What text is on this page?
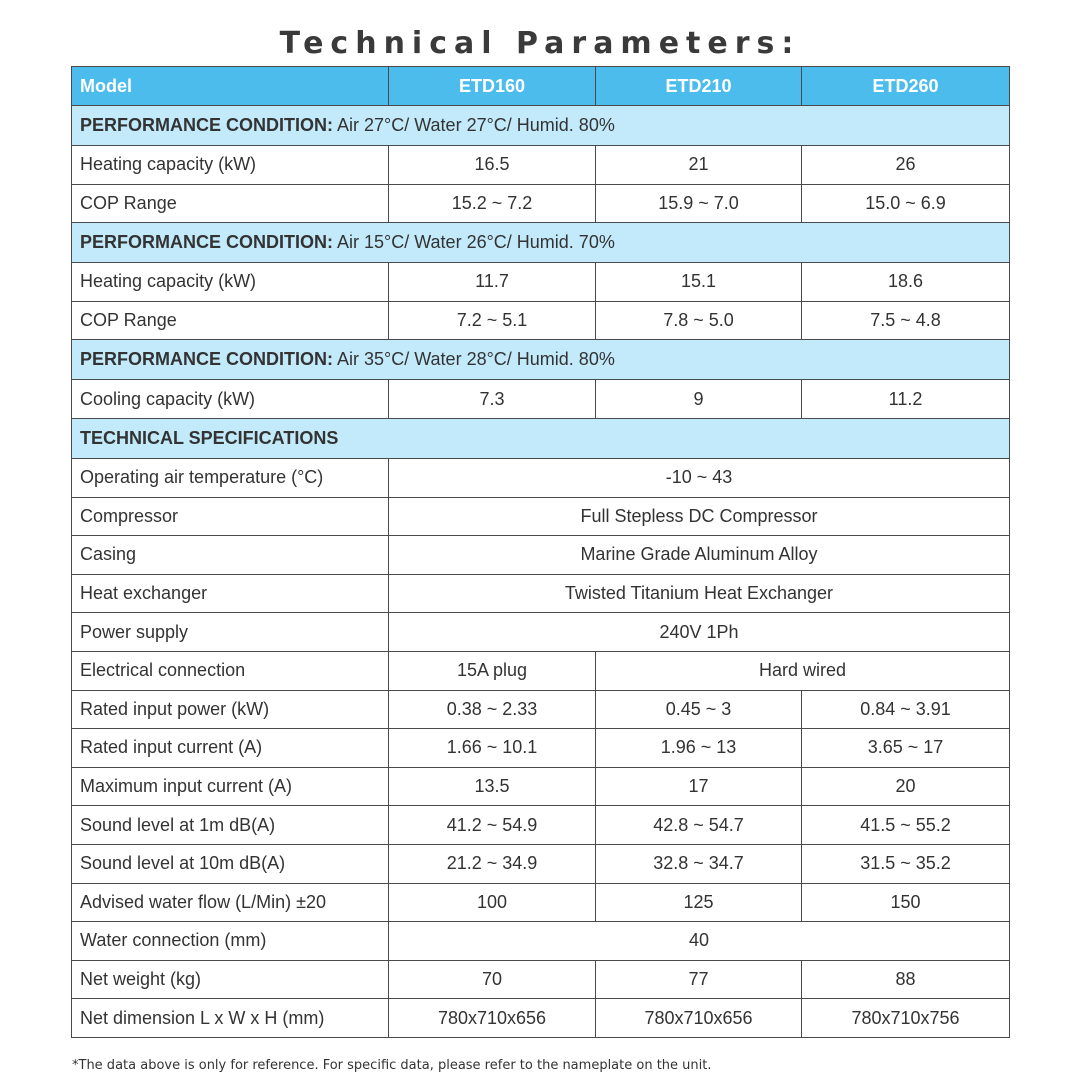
Technical Parameters:
Model	ETD160	ETD210	ETD260
PERFORMANCE CONDITION: Air 27°C/ Water 27°C/ Humid. 80%			
Heating capacity (kW)	16.5	21	26
COP Range	15.2 ~ 7.2	15.9 ~ 7.0	15.0 ~ 6.9
PERFORMANCE CONDITION: Air 15°C/ Water 26°C/ Humid. 70%			
Heating capacity (kW)	11.7	15.1	18.6
COP Range	7.2 ~ 5.1	7.8 ~ 5.0	7.5 ~ 4.8
PERFORMANCE CONDITION: Air 35°C/ Water 28°C/ Humid. 80%			
Cooling capacity (kW)	7.3	9	11.2
TECHNICAL SPECIFICATIONS			
Operating air temperature (°C)	-10 ~ 43		
Compressor	Full Stepless DC Compressor		
Casing	Marine Grade Aluminum Alloy		
Heat exchanger	Twisted Titanium Heat Exchanger		
Power supply	240V 1Ph		
Electrical connection	15A plug	Hard wired	
Rated input power (kW)	0.38 ~ 2.33	0.45 ~ 3	0.84 ~ 3.91
Rated input current (A)	1.66 ~ 10.1	1.96 ~ 13	3.65 ~ 17
Maximum input current (A)	13.5	17	20
Sound level at 1m dB(A)	41.2 ~ 54.9	42.8 ~ 54.7	41.5 ~ 55.2
Sound level at 10m dB(A)	21.2 ~ 34.9	32.8 ~ 34.7	31.5 ~ 35.2
Advised water flow (L/Min) ±20	100	125	150
Water connection (mm)	40		
Net weight (kg)	70	77	88
Net dimension L x W x H (mm)	780x710x656	780x710x656	780x710x756
*The data above is only for reference. For specific data, please refer to the nameplate on the unit.
